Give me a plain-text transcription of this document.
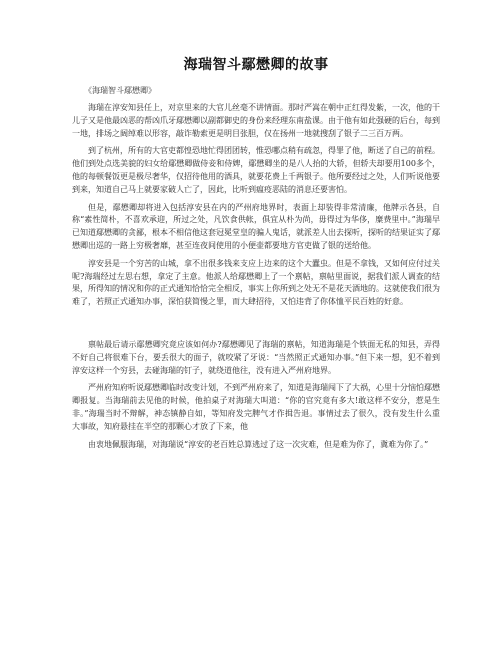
海瑞智斗鄢懋卿的故事
《海瑞智斗鄢懋卿》

海瑞在淳安知县任上，对京里来的大官儿丝毫不讲情面。那时严嵩在朝中正红得发紫，一次，他的干儿子又是他最凶恶的帮凶爪牙鄢懋卿以副都御史的身份来经理东南盐课。由于他有如此强硬的后台，每到一地，排场之阔绰难以形容，敲诈勒索更是明目张胆，仅在扬州一地就搜刮了银子二三百万两。

到了杭州，所有的大官吏都惶恐地忙得团团转，惟恐哪点稍有疏忽，得罪了他，断送了自己的前程。他们到处点选美貌的妇女给鄢懋卿做侍妾和侍婢，鄢懋卿坐的是八人抬的大轿，但轿夫却要用100多个，他的每顿餐饭更是极尽奢华，仅招待他用的酒具，就要花费上千两银子。他所要经过之处，人们听说他要到来，知道自己马上就要家破人亡了，因此，比听到瘟疫恶陆的消息还要害怕。

但是，鄢懋卿却将进入包括淳安县在内的严州府地界时，表面上却装得非常清廉，他牌示各县，自称“素性简朴，不喜欢承迎，所过之处，凡饮食供帐，俱宜从朴为尚，毋得过为华侈，糜费里中。”海瑞早已知道鄢懋卿的贪鄙，根本不相信他这套冠冕堂皇的骗人鬼话，就派差人出去探听，探听的结果证实了鄢懋卿出巡的一路上穷极奢靡，甚至连夜间使用的小便壶都要地方官吏做了银的送给他。

淳安县是一个穷苦的山城，拿不出很多钱来支应上边来的这个大蠹虫。但是不拿钱，又如何应付过关呢?海瑞经过左思右想，拿定了主意。他派人给鄢懋卿上了一个禀帖，禀帖里面说，据我们派人调查的结果，所得知的情况和你的正式通知恰恰完全相反，事实上你所到之处无不是花天酒地的。这就使我们很为难了，若照正式通知办事，深怕获简慢之罪，而大肆招待，又怕违背了你体恤平民百姓的好意。

禀帖最后请示鄢懋卿究竟应该如何办?鄢懋卿见了海瑞的禀帖，知道海瑞是个铁面无私的知县，弄得不好自己将很难下台，要丢很大的面子，就咬紧了牙说：“当然照正式通知办事。”但下来一想，犯不着到淳安这样一个穷县，去碰海瑞的钉子，就绕道他往，没有进入严州府地界。

严州府知府听说鄢懋卿临时改变计划，不到严州府来了，知道是海瑞闯下了大祸，心里十分恼怕鄢懋卿报复。当海瑞前去见他的时候，他拍桌子对海瑞大叫道：“你的官究竟有多大!敢这样不安分，惹是生非。”海瑞当时不辩解，神态镇静自如，等知府发完脾气才作揖告退。事情过去了很久，没有发生什么重大事故，知府悬挂在半空的那颗心才放了下来，他

由衷地佩服海瑞，对海瑞说“淳安的老百姓总算逃过了这一次灾难，但是难为你了，冀难为你了。”
